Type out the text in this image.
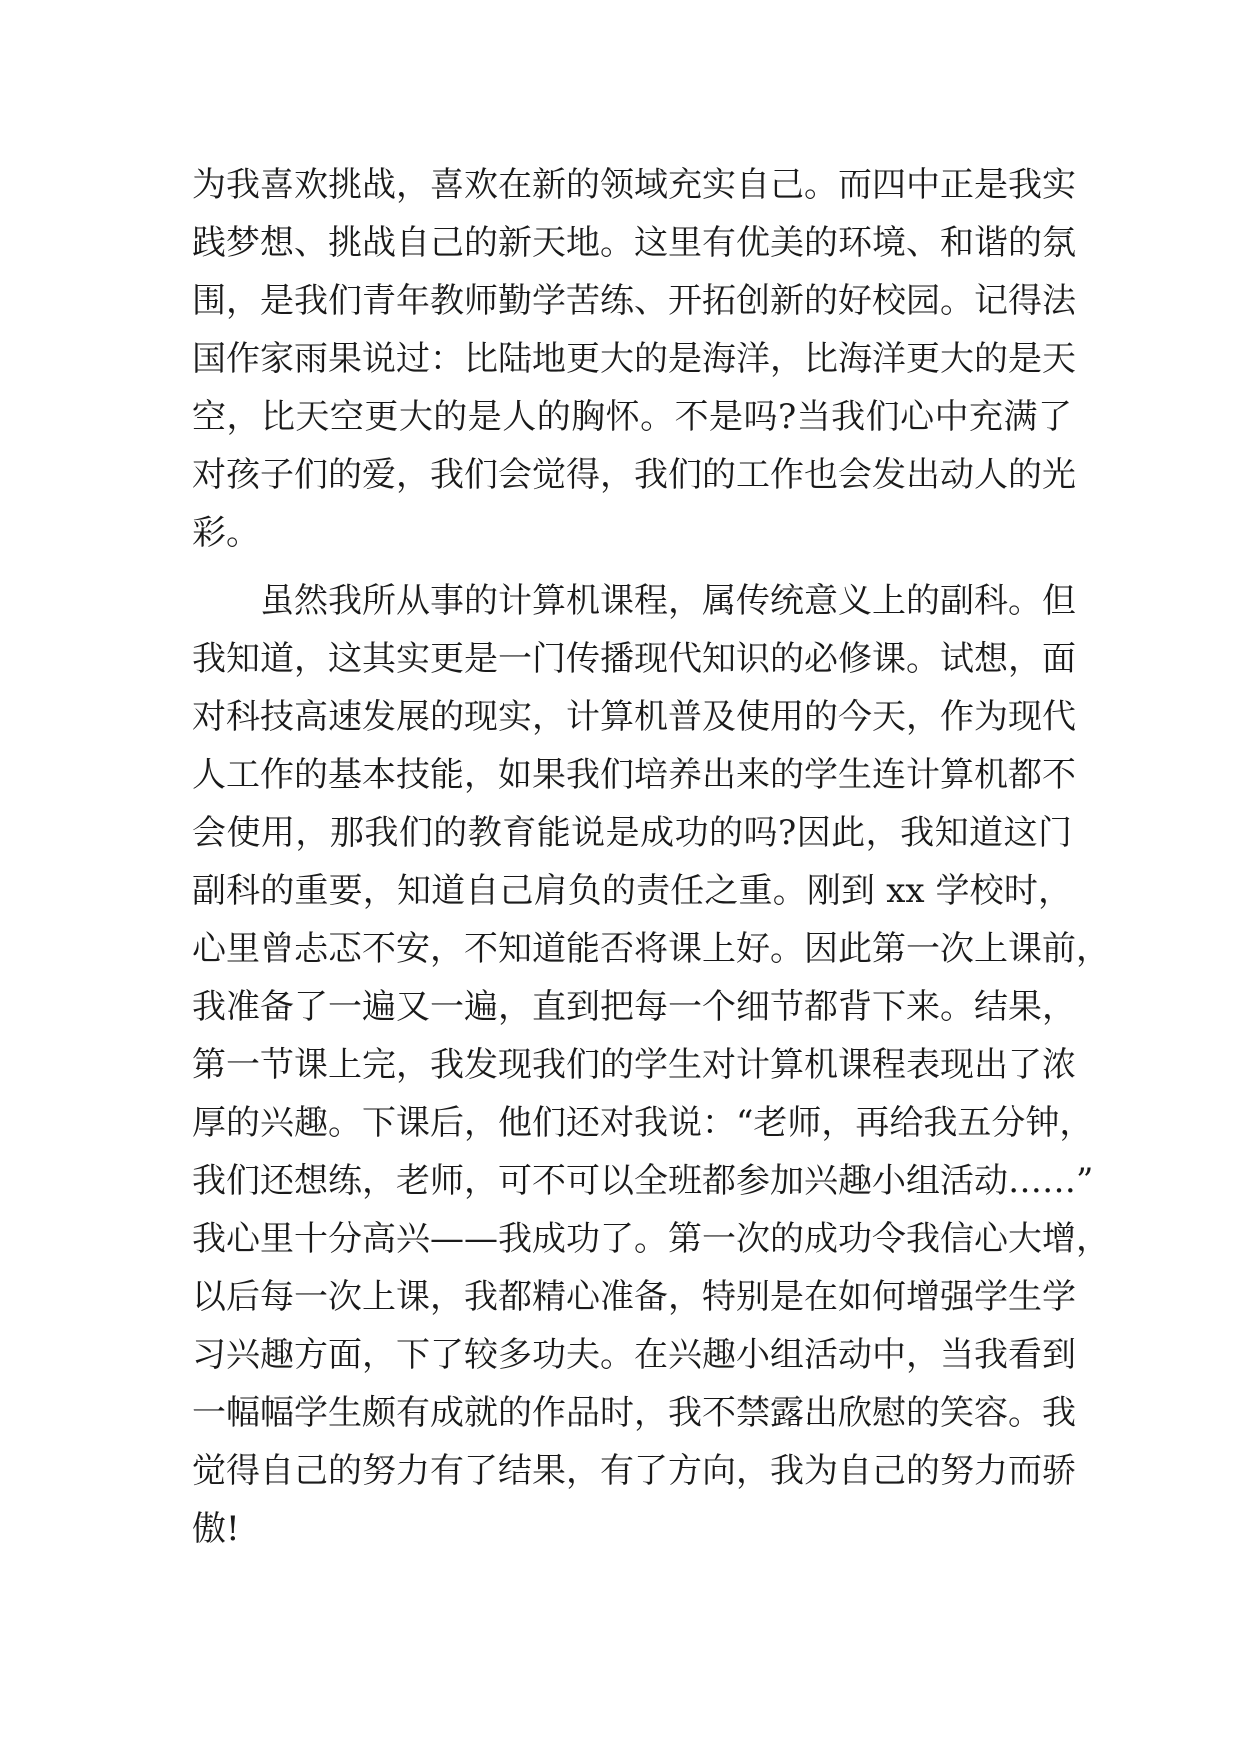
为我喜欢挑战，喜欢在新的领域充实自己。而四中正是我实
践梦想、挑战自己的新天地。这里有优美的环境、和谐的氛
围，是我们青年教师勤学苦练、开拓创新的好校园。记得法
国作家雨果说过：比陆地更大的是海洋，比海洋更大的是天
空，比天空更大的是人的胸怀。不是吗?当我们心中充满了
对孩子们的爱，我们会觉得，我们的工作也会发出动人的光
彩。
虽然我所从事的计算机课程，属传统意义上的副科。但
我知道，这其实更是一门传播现代知识的必修课。试想，面
对科技高速发展的现实，计算机普及使用的今天，作为现代
人工作的基本技能，如果我们培养出来的学生连计算机都不
会使用，那我们的教育能说是成功的吗?因此，我知道这门
副科的重要，知道自己肩负的责任之重。刚到 xx 学校时，
心里曾忐忑不安，不知道能否将课上好。因此第一次上课前，
我准备了一遍又一遍，直到把每一个细节都背下来。结果，
第一节课上完，我发现我们的学生对计算机课程表现出了浓
厚的兴趣。下课后，他们还对我说：“老师，再给我五分钟，
我们还想练，老师，可不可以全班都参加兴趣小组活动……”
我心里十分高兴——我成功了。第一次的成功令我信心大增，
以后每一次上课，我都精心准备，特别是在如何增强学生学
习兴趣方面，下了较多功夫。在兴趣小组活动中，当我看到
一幅幅学生颇有成就的作品时，我不禁露出欣慰的笑容。我
觉得自己的努力有了结果，有了方向，我为自己的努力而骄
傲!
